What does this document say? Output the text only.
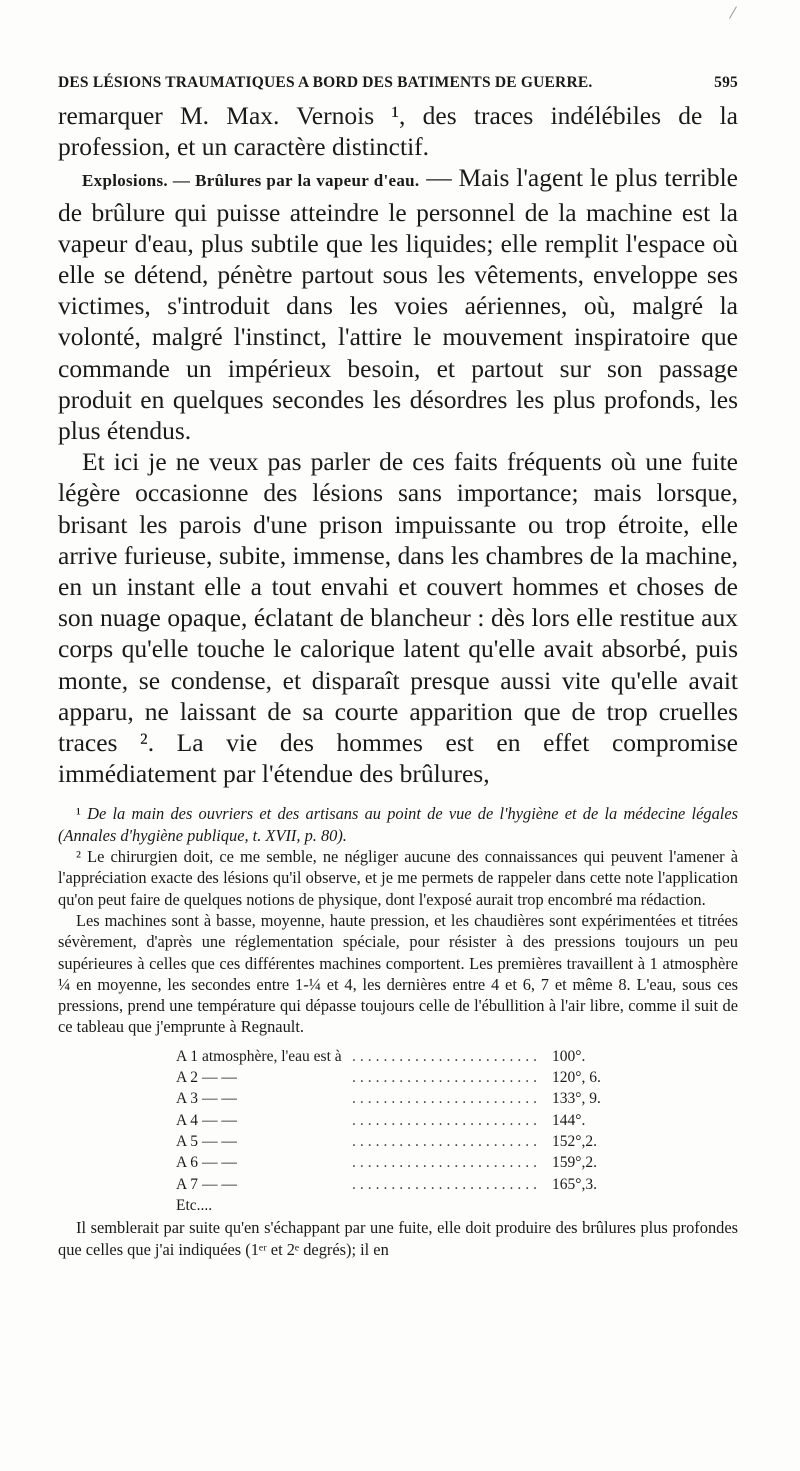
DES LÉSIONS TRAUMATIQUES A BORD DES BATIMENTS DE GUERRE.	595

remarquer M. Max. Vernois ¹, des traces indélébiles de la profession, et un caractère distinctif.

Explosions. — Brûlures par la vapeur d'eau. — Mais l'agent le plus terrible de brûlure qui puisse atteindre le personnel de la machine est la vapeur d'eau, plus subtile que les liquides; elle remplit l'espace où elle se détend, pénètre partout sous les vêtements, enveloppe ses victimes, s'introduit dans les voies aériennes, où, malgré la volonté, malgré l'instinct, l'attire le mouvement inspiratoire que commande un impérieux besoin, et partout sur son passage produit en quelques secondes les désordres les plus profonds, les plus étendus.

Et ici je ne veux pas parler de ces faits fréquents où une fuite légère occasionne des lésions sans importance; mais lorsque, brisant les parois d'une prison impuissante ou trop étroite, elle arrive furieuse, subite, immense, dans les chambres de la machine, en un instant elle a tout envahi et couvert hommes et choses de son nuage opaque, éclatant de blancheur : dès lors elle restitue aux corps qu'elle touche le calorique latent qu'elle avait absorbé, puis monte, se condense, et disparaît presque aussi vite qu'elle avait apparu, ne laissant de sa courte apparition que de trop cruelles traces ². La vie des hommes est en effet compromise immédiatement par l'étendue des brûlures,

¹ De la main des ouvriers et des artisans au point de vue de l'hygiène et de la médecine légales (Annales d'hygiène publique, t. XVII, p. 80).

² Le chirurgien doit, ce me semble, ne négliger aucune des connaissances qui peuvent l'amener à l'appréciation exacte des lésions qu'il observe, et je me permets de rappeler dans cette note l'application qu'on peut faire de quelques notions de physique, dont l'exposé aurait trop encombré ma rédaction.

Les machines sont à basse, moyenne, haute pression, et les chaudières sont expérimentées et titrées sévèrement, d'après une réglementation spéciale, pour résister à des pressions toujours un peu supérieures à celles que ces différentes machines comportent. Les premières travaillent à 1 atmosphère ¼ en moyenne, les secondes entre 1-¼ et 4, les dernières entre 4 et 6, 7 et même 8. L'eau, sous ces pressions, prend une température qui dépasse toujours celle de l'ébullition à l'air libre, comme il suit de ce tableau que j'emprunte à Regnault.

A 1 atmosphère, l'eau est à ........................ 100°.
A 2 — —	........................ 120°, 6.
A 3 — —	........................ 133°, 9.
A 4 — —	........................ 144°.
A 5 — —	........................ 152°,2.
A 6 — —	........................ 159°,2.
A 7 — —	........................ 165°,3.
Etc....

Il semblerait par suite qu'en s'échappant par une fuite, elle doit produire des brûlures plus profondes que celles que j'ai indiquées (1ᵉʳ et 2ᵉ degrés); il en
